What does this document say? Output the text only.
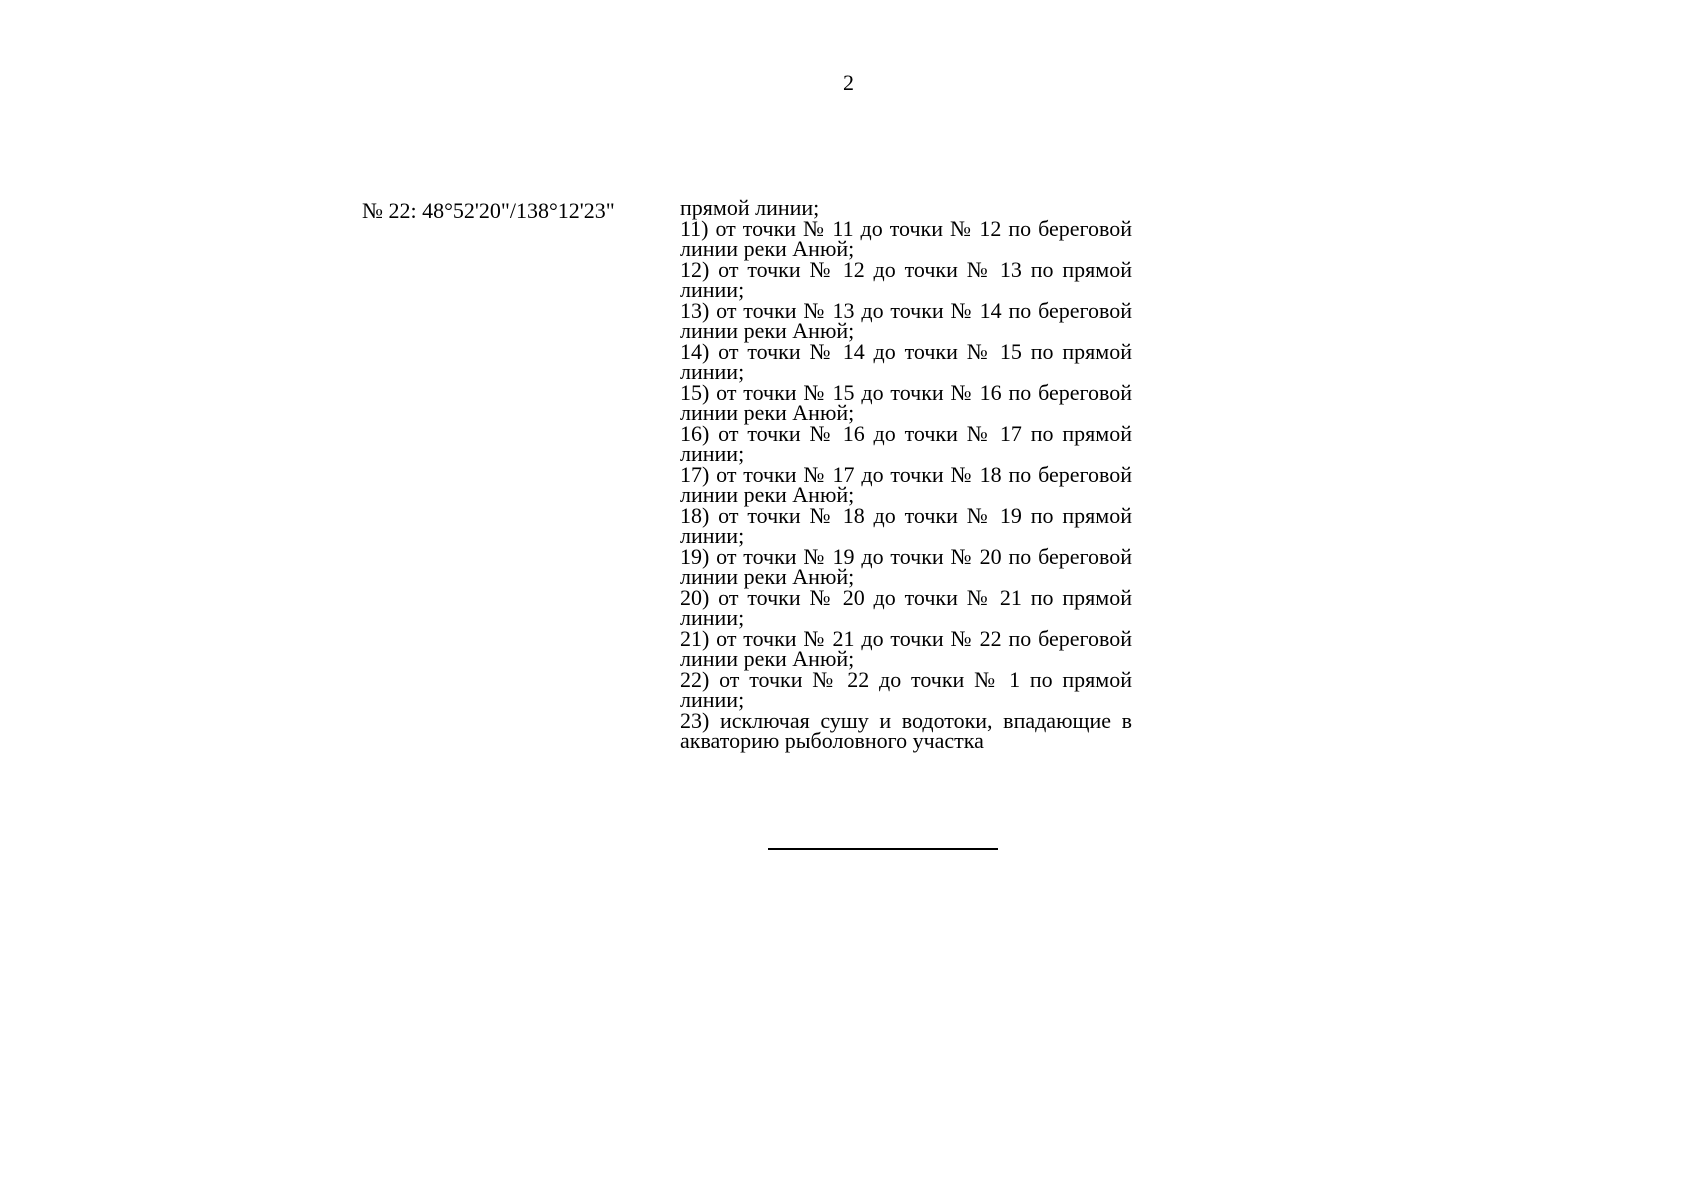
2
№ 22: 48°52'20"/138°12'23"	прямой линии;

11) от точки № 11 до точки № 12 по береговой линии реки Анюй;

12) от точки № 12 до точки № 13 по прямой линии;

13) от точки № 13 до точки № 14 по береговой линии реки Анюй;

14) от точки № 14 до точки № 15 по прямой линии;

15) от точки № 15 до точки № 16 по береговой линии реки Анюй;

16) от точки № 16 до точки № 17 по прямой линии;

17) от точки № 17 до точки № 18 по береговой линии реки Анюй;

18) от точки № 18 до точки № 19 по прямой линии;

19) от точки № 19 до точки № 20 по береговой линии реки Анюй;

20) от точки № 20 до точки № 21 по прямой линии;

21) от точки № 21 до точки № 22 по береговой линии реки Анюй;

22) от точки № 22 до точки № 1 по прямой линии;

23) исключая сушу и водотоки, впадающие в акваторию рыболовного участка
